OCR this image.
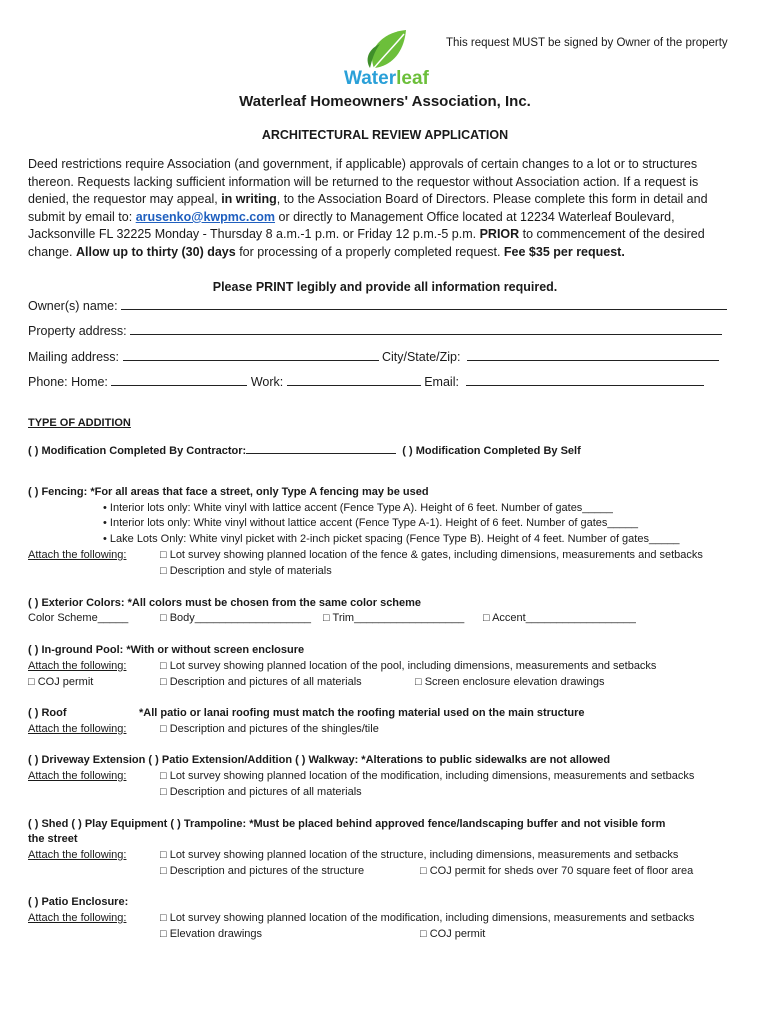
This request MUST be signed by Owner of the property
Waterleaf
Waterleaf Homeowners' Association, Inc.
ARCHITECTURAL REVIEW APPLICATION
Deed restrictions require Association (and government, if applicable) approvals of certain changes to a lot or to structures thereon. Requests lacking sufficient information will be returned to the requestor without Association action. If a request is denied, the requestor may appeal, in writing, to the Association Board of Directors. Please complete this form in detail and submit by email to: arusenko@kwpmc.com or directly to Management Office located at 12234 Waterleaf Boulevard, Jacksonville FL 32225 Monday - Thursday 8 a.m.-1 p.m. or Friday 12 p.m.-5 p.m. PRIOR to commencement of the desired change. Allow up to thirty (30) days for processing of a properly completed request. Fee $35 per request.
Please PRINT legibly and provide all information required.
Owner(s) name:
Property address:
Mailing address:	City/State/Zip:
Phone: Home:	Work:	Email:
TYPE OF ADDITION
( ) Modification Completed By Contractor:	( ) Modification Completed By Self
( ) Fencing: *For all areas that face a street, only Type A fencing may be used
• Interior lots only: White vinyl with lattice accent (Fence Type A). Height of 6 feet. Number of gates_____
• Interior lots only: White vinyl without lattice accent (Fence Type A-1). Height of 6 feet. Number of gates_____
• Lake Lots Only: White vinyl picket with 2-inch picket spacing (Fence Type B). Height of 4 feet. Number of gates_____
Attach the following:	□ Lot survey showing planned location of the fence & gates, including dimensions, measurements and setbacks
□ Description and style of materials
( ) Exterior Colors: *All colors must be chosen from the same color scheme
Color Scheme_____	□ Body___________________ □ Trim__________________ □ Accent__________________
( ) In-ground Pool: *With or without screen enclosure
Attach the following:	□ Lot survey showing planned location of the pool, including dimensions, measurements and setbacks
□ COJ permit	□ Description and pictures of all materials	□ Screen enclosure elevation drawings
( ) Roof	*All patio or lanai roofing must match the roofing material used on the main structure
Attach the following:	□ Description and pictures of the shingles/tile
( ) Driveway Extension ( ) Patio Extension/Addition ( ) Walkway: *Alterations to public sidewalks are not allowed
Attach the following:	□ Lot survey showing planned location of the modification, including dimensions, measurements and setbacks
□ Description and pictures of all materials
( ) Shed ( ) Play Equipment ( ) Trampoline: *Must be placed behind approved fence/landscaping buffer and not visible form
the street
Attach the following:	□ Lot survey showing planned location of the structure, including dimensions, measurements and setbacks
□ Description and pictures of the structure	□ COJ permit for sheds over 70 square feet of floor area
( ) Patio Enclosure:
Attach the following:	□ Lot survey showing planned location of the modification, including dimensions, measurements and setbacks
□ Elevation drawings	□ COJ permit
